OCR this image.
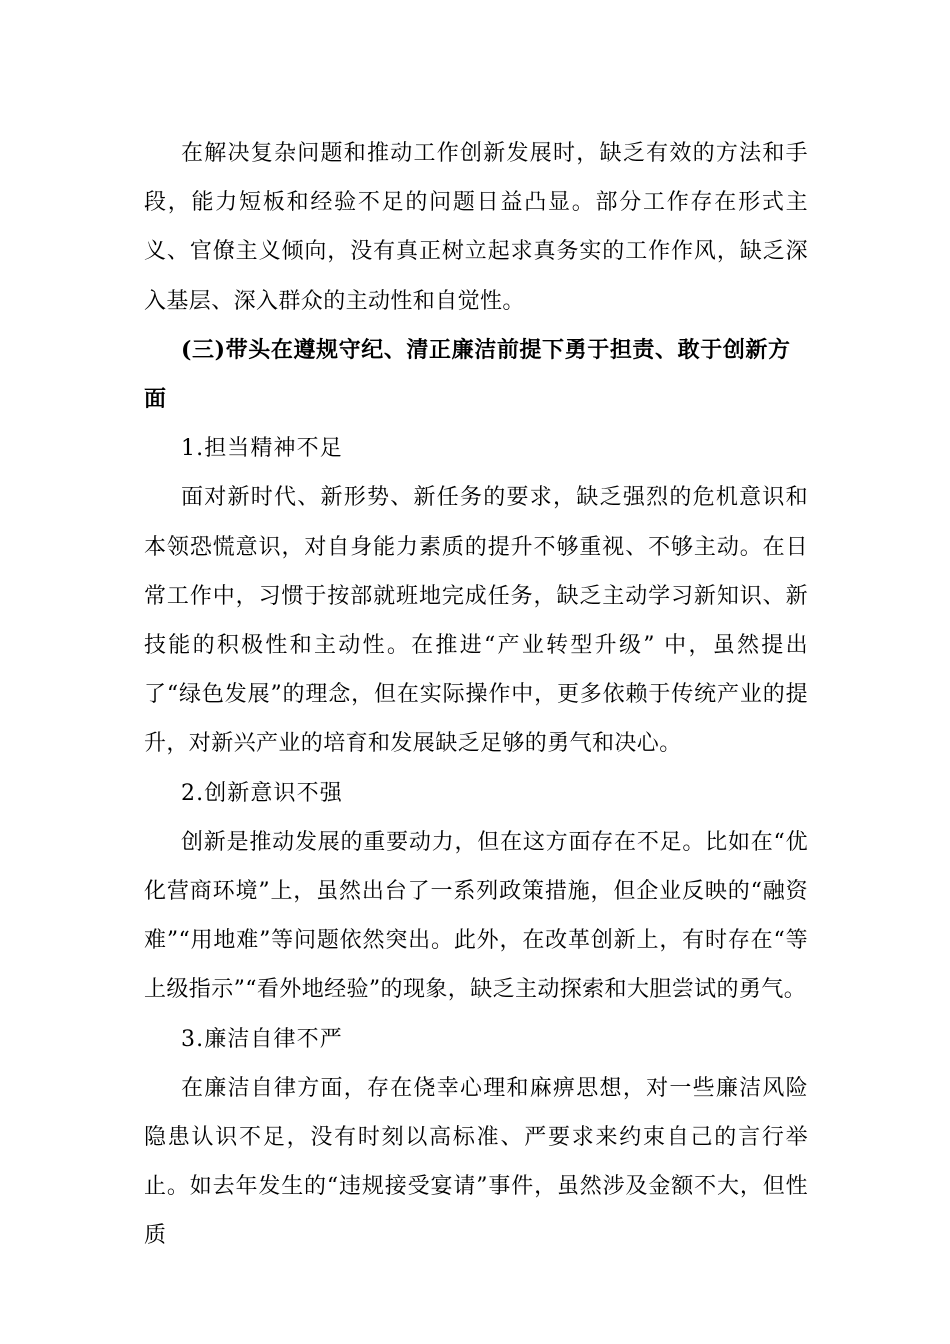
在解决复杂问题和推动工作创新发展时，缺乏有效的方法和手段，能力短板和经验不足的问题日益凸显。部分工作存在形式主义、官僚主义倾向，没有真正树立起求真务实的工作作风，缺乏深入基层、深入群众的主动性和自觉性。

(三)带头在遵规守纪、清正廉洁前提下勇于担责、敢于创新方面

1.担当精神不足

面对新时代、新形势、新任务的要求，缺乏强烈的危机意识和本领恐慌意识，对自身能力素质的提升不够重视、不够主动。在日常工作中，习惯于按部就班地完成任务，缺乏主动学习新知识、新技能的积极性和主动性。在推进“产业转型升级” 中，虽然提出了“绿色发展”的理念，但在实际操作中，更多依赖于传统产业的提升，对新兴产业的培育和发展缺乏足够的勇气和决心。

2.创新意识不强

创新是推动发展的重要动力，但在这方面存在不足。比如在“优化营商环境”上，虽然出台了一系列政策措施，但企业反映的“融资难”“用地难”等问题依然突出。此外，在改革创新上，有时存在“等上级指示”“看外地经验”的现象，缺乏主动探索和大胆尝试的勇气。

3.廉洁自律不严

在廉洁自律方面，存在侥幸心理和麻痹思想，对一些廉洁风险隐患认识不足，没有时刻以高标准、严要求来约束自己的言行举止。如去年发生的“违规接受宴请”事件，虽然涉及金额不大，但性质
